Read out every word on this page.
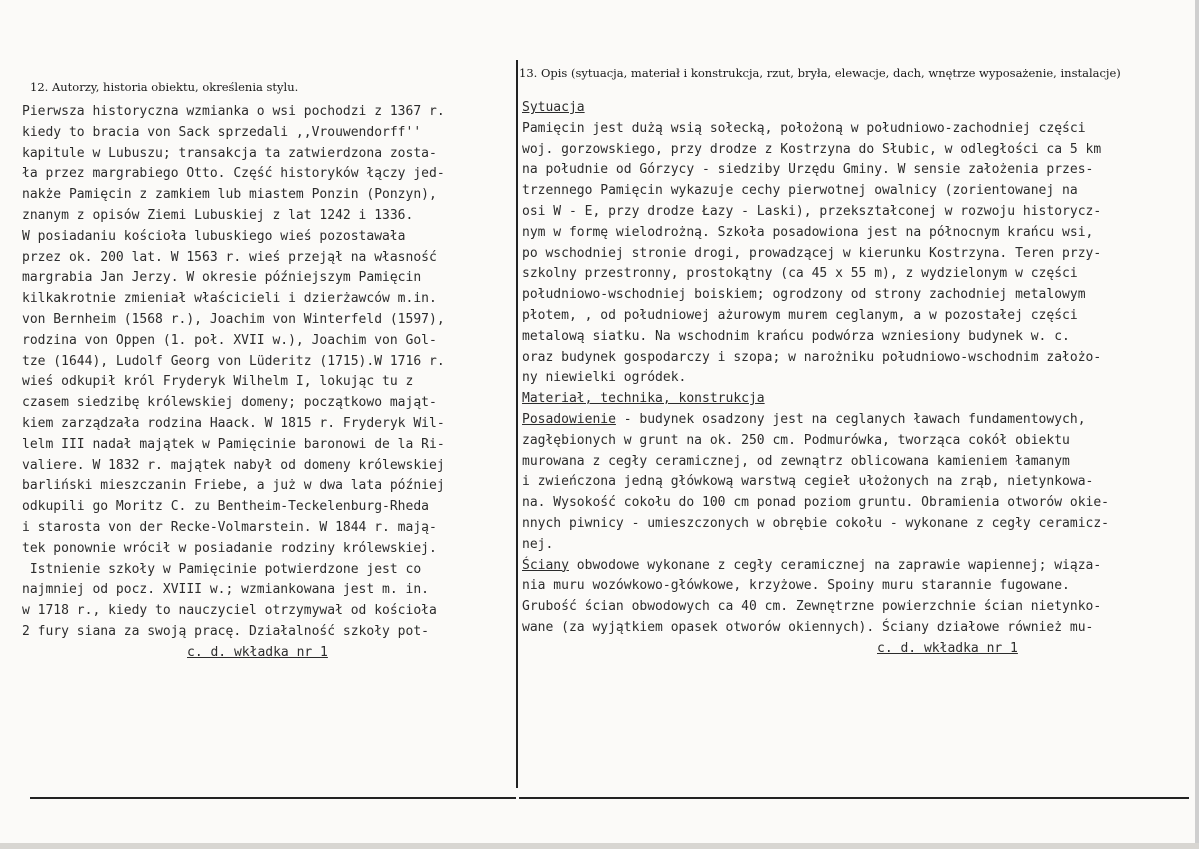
12. Autorzy, historia obiektu, określenia stylu.
13. Opis (sytuacja, materiał i konstrukcja, rzut, bryła, elewacje, dach, wnętrze wyposażenie, instalacje)
Pierwsza historyczna wzmianka o wsi pochodzi z 1367 r.
kiedy to bracia von Sack sprzedali ,,Vrouwendorff''
kapitule w Lubuszu; transakcja ta zatwierdzona zosta-
ła przez margrabiego Otto. Część historyków łączy jed-
nakże Pamięcin z zamkiem lub miastem Ponzin (Ponzyn),
znanym z opisów Ziemi Lubuskiej z lat 1242 i 1336.
W posiadaniu kościoła lubuskiego wieś pozostawała
przez ok. 200 lat. W 1563 r. wieś przejął na własność
margrabia Jan Jerzy. W okresie późniejszym Pamięcin
kilkakrotnie zmieniał właścicieli i dzierżawców m.in.
von Bernheim (1568 r.), Joachim von Winterfeld (1597),
rodzina von Oppen (1. poł. XVII w.), Joachim von Gol-
tze (1644), Ludolf Georg von Lüderitz (1715).W 1716 r.
wieś odkupił król Fryderyk Wilhelm I, lokując tu z
czasem siedzibę królewskiej domeny; początkowo mająt-
kiem zarządzała rodzina Haack. W 1815 r. Fryderyk Wil-
lelm III nadał majątek w Pamięcinie baronowi de la Ri-
valiere. W 1832 r. majątek nabył od domeny królewskiej
barliński mieszczanin Friebe, a już w dwa lata później
odkupili go Moritz C. zu Bentheim-Teckelenburg-Rheda
i starosta von der Recke-Volmarstein. W 1844 r. mają-
tek ponownie wrócił w posiadanie rodziny królewskiej.
Istnienie szkoły w Pamięcinie potwierdzone jest co
najmniej od pocz. XVIII w.; wzmiankowana jest m. in.
w 1718 r., kiedy to nauczyciel otrzymywał od kościoła
2 fury siana za swoją pracę. Działalność szkoły pot-
c. d. wkładka nr 1
Sytuacja
Pamięcin jest dużą wsią sołecką, położoną w południowo-zachodniej części
woj. gorzowskiego, przy drodze z Kostrzyna do Słubic, w odległości ca 5 km
na południe od Górzycy - siedziby Urzędu Gminy. W sensie założenia przes-
trzennego Pamięcin wykazuje cechy pierwotnej owalnicy (zorientowanej na
osi W - E, przy drodze Łazy - Laski), przekształconej w rozwoju historycz-
nym w formę wielodrożną. Szkoła posadowiona jest na północnym krańcu wsi,
po wschodniej stronie drogi, prowadzącej w kierunku Kostrzyna. Teren przy-
szkolny przestronny, prostokątny (ca 45 x 55 m), z wydzielonym w części
południowo-wschodniej boiskiem; ogrodzony od strony zachodniej metalowym
płotem, , od południowej ażurowym murem ceglanym, a w pozostałej części
metalową siatku. Na wschodnim krańcu podwórza wzniesiony budynek w. c.
oraz budynek gospodarczy i szopa; w narożniku południowo-wschodnim założo-
ny niewielki ogródek.
Materiał, technika, konstrukcja
Posadowienie - budynek osadzony jest na ceglanych ławach fundamentowych,
zagłębionych w grunt na ok. 250 cm. Podmurówka, tworząca cokół obiektu
murowana z cegły ceramicznej, od zewnątrz oblicowana kamieniem łamanym
i zwieńczona jedną główkową warstwą cegieł ułożonych na zrąb, nietynkowa-
na. Wysokość cokołu do 100 cm ponad poziom gruntu. Obramienia otworów okie-
nnych piwnicy - umieszczonych w obrębie cokołu - wykonane z cegły ceramicz-
nej.
Ściany obwodowe wykonane z cegły ceramicznej na zaprawie wapiennej; wiąza-
nia muru wozówkowo-główkowe, krzyżowe. Spoiny muru starannie fugowane.
Grubość ścian obwodowych ca 40 cm. Zewnętrzne powierzchnie ścian nietynko-
wane (za wyjątkiem opasek otworów okiennych). Ściany działowe również mu-
c. d. wkładka nr 1
